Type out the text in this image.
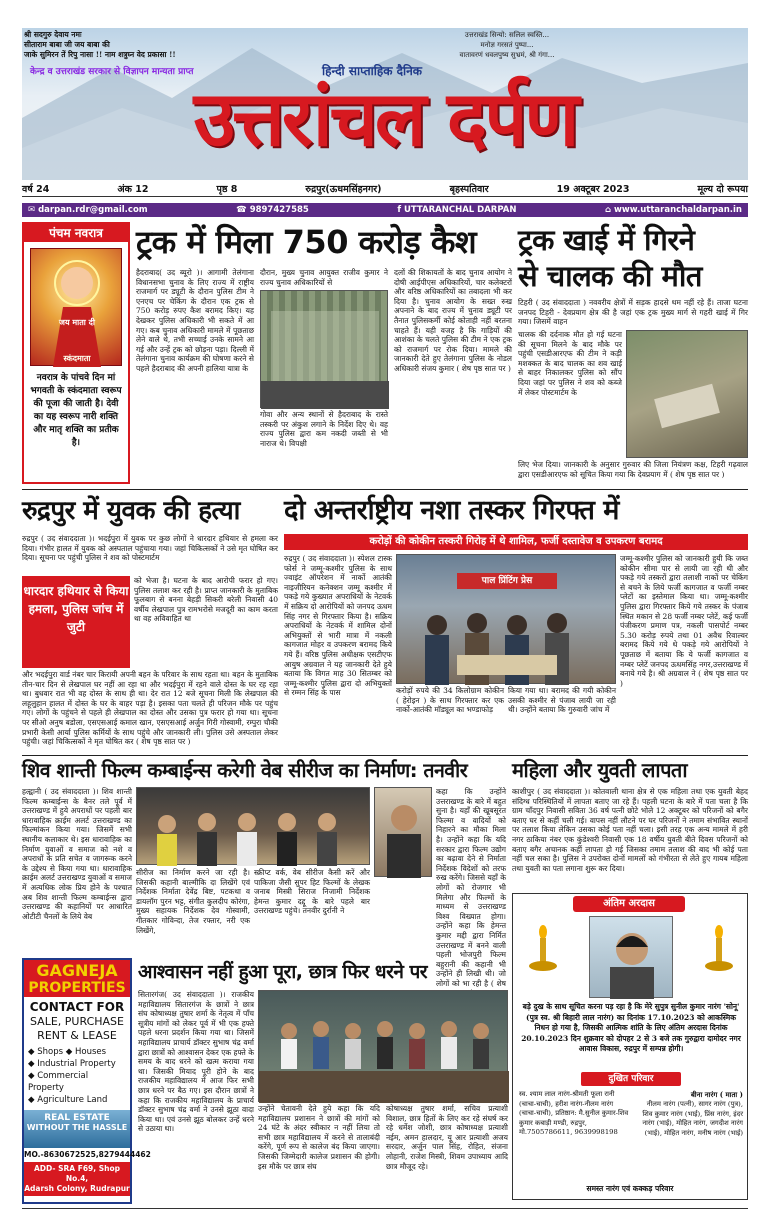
श्री सदगुरु देवाय नमः
सीताराम बाबा जी जय बाबा की
जाके सुमिरन तें रिपु नासा !! नाम शत्रुघ्न वेद प्रकासा !!
उत्तराखंड सिन्यो: सलिल स्वस्ति...
मनोज्ञ गरसतं पुष्पा...
वातावरणं धवलपुष्य सुभ्रमं, श्री गंगा...
केन्द्र व उत्तराखंड सरकार से विज्ञापन मान्यता प्राप्त	हिन्दी साप्ताहिक दैनिक
उत्तरांचल दर्पण
वर्ष 24	अंक 12	पृष्ठ 8	रुद्रपुर(ऊधमसिंहनगर)	बृहस्पतिवार	19 अक्टूबर 2023	मूल्य दो रूपया
✉ darpan.rdr@gmail.com	☎ 9897427585	f UTTARANCHAL DARPAN	⌂ www.uttaranchaldarpan.in
पंचम नवरात्र
जय माता दी
स्कंदमाता
नवरात्र के पांचवे दिन मां भगवती के स्कंदमाता स्वरूप की पूजा की जाती है। देवी का यह स्वरूप नारी शक्ति और मातृ शक्ति का प्रतीक है।
ट्रक में मिला 750 करोड़ कैश
हैदराबाद( उद ब्यूरो )। आगामी तेलंगाना विधानसभा चुनाव के लिए राज्य में राष्ट्रीय राजमार्ग पर ड्यूटी के दौरान पुलिस टीम ने एनएच पर चेकिंग के दौरान एक ट्रक से 750 करोड़ रुपए कैश बरामद किए। यह देखकर पुलिस अधिकारी भी सकते में आ गए। कब चुनाव अधिकारी मामले में पूछताछ लेने वाले थे, तभी सच्चाई उनके सामने आ गई और उन्हें ट्रक को छोड़ना पड़ा। दिल्ली में तेलंगाना चुनाव कार्यक्रम की घोषणा करने से पहले हैदराबाद की अपनी हालिया यात्रा के
दौरान, मुख्य चुनाव आयुक्त राजीव कुमार ने राज्य चुनाव अधिकारियों से
गोवा और अन्य स्थानों से हैदराबाद के रास्ते तस्करी पर अंकुश लगाने के निर्देश दिए थे। वह राज्य पुलिस द्वारा कम नकदी जब्ती से भी नाराज थे। विपक्षी
दलों की शिकायतों के बाद चुनाव आयोग ने दोषी आईपीएस अधिकारियों, चार कलेक्टरों और वरिष्ठ अधिकारियों का तबादला भी कर दिया है। चुनाव आयोग के सख्त रुख अपनाने के बाद राज्य में चुनाव ड्यूटी पर तैनात पुलिसकर्मी कोई कोताही नहीं बरतना चाहते हैं। यही वजह है कि गाड़ियों की आशंका के चलते पुलिस की टीम ने एक ट्रक को राजमार्ग पर रोक दिया। मामले की जानकारी देते हुए तेलंगाना पुलिस के नोडल अधिकारी संजय कुमार ( शेष पृष्ठ सात पर )
ट्रक खाई में गिरने
से चालक की मौत
टिहरी ( उद संवाददाता ) नववरीय क्षेत्रों में सड़क हादसे थम नहीं रहे हैं। ताजा घटना जनपद टिहरी - देवप्रयाग क्षेत्र की है जहां एक ट्रक मुख्य मार्ग से गहरी खाई में गिर गया। जिसमें वाहन
चालक की दर्दनाक मौत हो गई घटना की सूचना मिलने के बाद मौके पर पहुंची एसडीआरएफ की टीम ने कड़ी मशक्कत के बाद चालक का शव खाई से बाहर निकालकर पुलिस को सौंप दिया जहां पर पुलिस ने शव को कब्जे में लेकर पोस्टमार्टम के
लिए भेज दिया। जानकारी के अनुसार गुरुवार की जिला नियंत्रण कक्ष, टिहरी गढ़वाल द्वारा एसडीआरएफ को सूचित किया गया कि देवप्रयाग में ( शेष पृष्ठ सात पर )
रुद्रपुर में युवक की हत्या
रुद्रपुर ( उद संवाददाता )। भदईपुरा में युवक पर कुछ लोगों ने धारदार हथियार से हमला कर दिया। गंभीर हालत में युवक को अस्पताल पहुंचाया गया। जहां चिकित्सकों ने उसे मृत घोषित कर दिया। सूचना पर पहुंची पुलिस ने शव को पोस्टमार्टम
धारदार हथियार से किया हमला, पुलिस जांच में जुटी
को भेजा है। घटना के बाद आरोपी फरार हो गए। पुलिस तलाश कर रही है। प्राप्त जानकारी के मुताबिक फूलबाग से बनना बेहड़ी सिकरी बरेली निवासी 40 वर्षीय लेखपाल पुत्र रामभरोसे मजदूरी का काम करता था वह अविवाहित था
और भदईपुरा वार्ड नंबर चार किरायी अपनी बहन के परिवार के साथ रहता था। बहन के मुताबिक तीन-चार दिन से लेखपाल घर नहीं आ रहा था और भदईपुरा में रहने वाले दोस्त के घर रह रहा था। बुधवार रात भी वह दोस्त के साथ ही था। देर रात 12 बजे सूचना मिली कि लेखपाल की लहूलुहान हालत में दोस्त के घर के बाहर पड़ा है। इसका पता चलते ही परिजन मौके पर पहुंच गए। लोगों के पहुंचने से पहले ही लेखपाल का दोस्त और उसका पुत्र फरार हो गया था। सूचना पर सीओ अनुष बडोला, एसएसआई कमाल खान, एसएसआई अर्जुन गिरी गोस्वामी, रम्पुरा चौकी प्रभारी केसी आर्या पुलिस कर्मियों के साथ पहुंचे और जानकारी ली। पुलिस उसे अस्पताल लेकर पहुंची। जहां चिकित्सकों ने मृत घोषित कर ( शेष पृष्ठ सात पर )
दो अन्तर्राष्ट्रीय नशा तस्कर गिरफ्त में
करोड़ों की कोकीन तस्करी गिरोह में थे शामिल, फर्जी दस्तावेज व उपकरण बरामद
रुद्रपुर ( उद संवाददाता )। स्पेशल टास्क फोर्स ने जम्मू-कश्मीर पुलिस के साथ ज्वाइंट ऑपरेशन में नार्को आतंकी नाइजीरियन कनेक्शन जम्मू कश्मीर में पकड़े गये कुख्यात अपराधियों के नेटवर्क में सक्रिय दो आरोपियों को जनपद ऊधम सिंह नगर से गिरफ्तार किया है। सक्रिय अपराधियों के नेटवर्क में शामिल दोनों अभियुक्तों से भारी मात्रा में नकली कागजात मोहर व उपकरण बरामद किये गये हैं। वरिष्ठ पुलिस अधीक्षक एसटीएफ आयुष अग्रवाल ने यह जानकारी देते हुये बताया कि विगत माह 30 सितम्बर को जम्मू-कश्मीर पुलिस द्वारा दो अभियुक्तों से रम्मन सिंह के पास
पाल प्रिंटिंग प्रेस
करोड़ों रुपये की 34 किलोग्राम कोकीन ( हेरोइन ) के साथ गिरफ्तार कर एक नार्को-आतंकी मॉड्यूल का भण्डाफोड़
किया गया था। बरामद की गयी कोकीन उसकी कश्मीर से पंजाब लायी जा रही थी। उन्होंने बताया कि गुरुवारी जांच में
जम्मू-कश्मीर पुलिस को जानकारी हुयी कि जब्त कोकीन सीमा पार से लायी जा रही थी और पकड़े गये तस्करों द्वारा तलाशी नाकों पर चेकिंग से बचने के लिये फर्जी कागजात व फर्जी नम्बर प्लेटों का इस्तेमाल किया था। जम्मू-कश्मीर पुलिस द्वारा गिरफ्तार किये गये तस्कर के पंजाब स्थित मकान से 28 फर्जी नम्बर प्लेटें, कई फर्जी पंजीकरण प्रमाण पत्र, नकली पासपोर्ट नम्बर 5.30 करोड़ रुपये तथा 01 अवैध रिवाल्वर बरामद किये गये थे पकड़े गये आरोपियों ने पूछताछ में बताया कि ये फर्जी कागजात व नम्बर प्लेटें जनपद ऊधमसिंह नगर,उत्तराखण्ड में बनाये गये है। श्री अग्रवाल ने ( शेष पृष्ठ सात पर )
शिव शान्ती फिल्म कम्बाईन्स करेगी वेब सीरीज का निर्माण: तनवीर
हल्द्वानी ( उद संवाददाता )। शिव शान्ती फिल्म कम्बाईन्स के बैनर तले पूर्व में उत्तराखण्ड में हुये अपराधों पर पहली बार धारावाहिक क्राईम अलर्ट उत्तराखण्ड का फिल्मांकन किया गया। जिसमें सभी स्थानीय कलाकार थे। इस धारावाहिक का निर्माण युवाओं व समाज को नशे व अपराधों के प्रति सचेत व जागरूक करने के उद्देश्य से किया गया था। धारावाहिक क्राईम अलर्ट उत्तराखण्ड युवाओं व समाज में अत्यधिक लोक प्रिय होने के पश्चात अब शिव शान्ती फिल्म कम्बाईन्स द्वारा उत्तराखण्ड की कहानियों पर आधारित ओटीटी चैनलों के लिये वेब
सीरीज का निर्माण करने जा रही है। जिसकी कहानी बाल्मीकि दा लिखेंगे एवं निर्देशक निर्माता देवेंद्र बिष्ट, पटकथा व डायलॉग पुरन भट्ट, संगीत कुलदीप कोरंगा, मुख्य सहायक निर्देशक देव गोस्वामी, गीतकार गोविन्दा, तेज रफ्तार, नरी एक लिखेंगे,
स्क्रीप्ट वर्क, वेब सीरीज कैसी करें और पाकिजा जैसी सुपर हिट फिल्मों के लेखक जनाब मिस्त्री सिराज निजामी निर्देशक हेमन्त कुमार दद्दू के बारे पहले बार उत्तराखण्ड पहुंचे। तनवीर दुर्रानी ने
कहा कि उन्होंने उत्तराखण्ड के बारे में बहुत सुना है। यहाँ की खूबसूरत फिल्मा व वादियों को निहारने का मौका मिला है। उन्होंने कहा कि यदि सरकार द्वारा फिल्म उद्योग का बढ़ावा देने से निर्माता निर्देशक विदेशों को तरफ रुख करेंगे। जिससे यहाँ के लोगों को रोजगार भी मिलेगा और फिल्मों के माध्यम से उत्तराखण्ड विश्व विख्यात होगा। उन्होंने कहा कि हेमन्त कुमार मद्दी द्वारा निर्मित उत्तराखण्ड में बनने वाली पहली भोजपुरी फिल्म बहुरानी की कहानी भी उन्होंने ही लिखी थी। जो लोगों को भा रही है ( शेष
महिला और युवती लापता
काशीपुर ( उद संवाददाता )। कोतवाली थाना क्षेत्र से एक महिला तथा एक युवती बेहद संदिग्ध परिस्थितियों में लापता बताए जा रहे हैं। पहली घटना के बारे में पता चला है कि ग्राम चाँदपुर निवासी सविता 36 वर्ष पत्नी छोटे भोले 12 अक्टूबर को परिजनों को बगैर बताए घर से कहीं चली गई। वापस नहीं लौटने पर घर परिजनों ने तमाम संभावित स्थानों पर तलाश किया लेकिन उसका कोई पता नहीं चला। इसी तरह एक अन्य मामले में हरी नगर ठाकिया नंबर एक कुंडेश्वरी निवासी एक 18 वर्षीय युवती बीते दिवस परिजनों को बताए बगैर अचानक कहीं लापता हो गई जिसका तमाम तलाश की बाद भी कोई पता नहीं चल सका है। पुलिस ने उपरोक्त दोनों मामलों को गंभीरता से लेते हुए गायब महिला तथा युवती का पता लगाना शुरू कर दिया।
अंतिम अरदास
बड़े दुख के साथ सूचित करना पड़ रहा है कि मेरे सुपुत्र सुनील कुमार नारंग 'सोनू' (पुत्र स्व. श्री बिहारी लाल नारंग) का दिनांक 17.10.2023 को आकस्मिक निधन हो गया है, जिसकी आत्मिक शांति के लिए अंतिम अरदास दिनांक 20.10.2023 दिन शुक्रवार को दोपहर 2 से 3 बजे तक गुरुद्वारा दामोदर नगर आवास विकास, रुद्रपुर में सम्पन्न होगी।
दुखित परिवार
स्व. श्याम लाल नारंग-श्रीमती फूला रानी (चाचा-चाची), हरीश नारंग-नीलम नारंग (चाचा-चाची), प्रतिष्ठान: मै.सुनील कुमार-शिव कुमार कबाड़ी मण्डी, रुद्रपुर, मो.7505786611, 9639998198
बीना नारंग ( माता )
नीलम नारंग (पत्नी), सागर नारंग (पुत्र), शिव कुमार नारंग (भाई), प्रिंस नारंग, इंदर नारंग (भाई), मोहित नारंग, जगदीश नारंग (भाई), मोहित नारंग, मनीष नारंग (भाई)
समस्त नारंग एवं कक्कड़ परिवार
GAGNEJA
PROPERTIES
CONTACT FOR
SALE, PURCHASE
RENT & LEASE
◆ Shops ◆ Houses
◆ Industrial Property
◆ Commercial Property
◆ Agriculture Land
REAL ESTATE
WITHOUT THE HASSLE
MO.-8630672525,8279444462
ADD- SRA F69, Shop No.4,
Adarsh Colony, Rudrapur
आश्वासन नहीं हुआ पूरा, छात्र फिर धरने पर
सितारगंज( उद संवाददाता )। राजकीय महाविद्यालय सितारगंज के छात्रों ने छात्र संघ कोषाध्यक्ष तुषार शर्मा के नेतृत्व में पाँच सूत्रीय मांगों को लेकर पूर्व में भी एक हफ्ते पहले धरना प्रदर्शन किया गया था। जिसमें महाविद्यालय प्राचार्य डॉक्टर सुभाष चंद्र वर्मा द्वारा छात्रों को आश्वासन देकर एक हफ्ते के समय के बाद धरने को खत्म कराया गया था। जिसकी मियाद पूरी होने के बाद राजकीय महाविद्यालय में आज फिर सभी छात्र धरने पर बैठ गए। इस दौरान छात्रों ने कहा कि राजकीय महाविद्यालय के प्राचार्य डॉक्टर सुभाष चंद्र वर्मा ने उनसे झूठा वादा किया था। एवं उनसे झूठ बोलकर उन्हें धरने से उठाया था।
उन्होंने चेतावनी देते हुये कहा कि यदि महाविद्यालय प्रशासन ने छात्रों की मांगों को 24 घंटे के अंदर स्वीकार न नहीं लिया तो सभी छात्र महाविद्यालय में करने से तालाबंदी करेंगे, पूर्ण रूप से कालेज बंद किया जाएगा। जिसकी जिम्मेदारी कालेज प्रशासन की होगी। इस मौके पर छात्र संघ
कोषाध्यक्ष तुषार शर्मा, सचिव प्रत्याशी विशाल, छात्र हितों के लिए कर रहे संघर्ष कर रहे धर्मेश जोशी, छात्र कोषाध्यक्ष प्रत्याशी नईम, अमन हालदार, यू आर प्रत्याशी अजय सरदार, अर्जुन पाल सिंह, रोहित, संजना लोहानी, राजेश मिस्त्री, शिवम उपाध्याय आदि छात्र मौजूद रहे।
